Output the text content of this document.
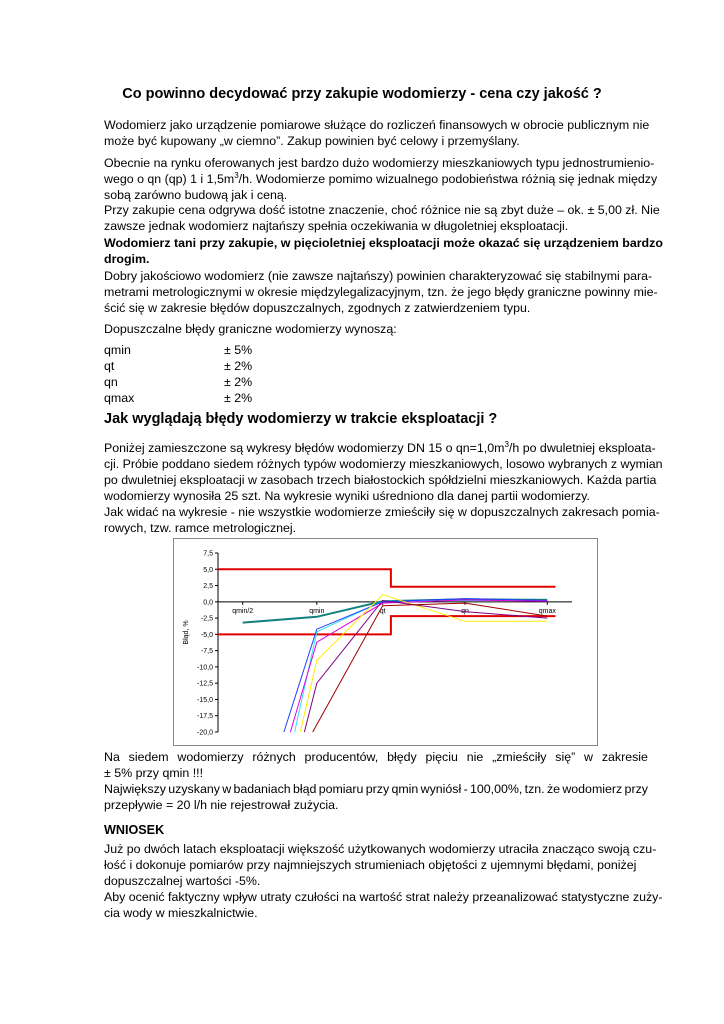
Co powinno decydować przy zakupie wodomierzy - cena czy jakość ?
Wodomierz jako urządzenie pomiarowe służące do rozliczeń finansowych w obrocie publicznym nie
może być kupowany „w ciemno”. Zakup powinien być celowy i przemyślany.
Obecnie na rynku oferowanych jest bardzo dużo wodomierzy mieszkaniowych typu jednostrumienio-
wego o qn (qp) 1 i $1,5m^3/h$. Wodomierze pomimo wizualnego podobieństwa różnią się jednak między
sobą zarówno budową jak i ceną.
Przy zakupie cena odgrywa dość istotne znaczenie, choć różnice nie są zbyt duże – ok. ± 5,00 zł. Nie
zawsze jednak wodomierz najtańszy spełnia oczekiwania w długoletniej eksploatacji.
Wodomierz tani przy zakupie, w pięcioletniej eksploatacji może okazać się urządzeniem bardzo
drogim.
Dobry jakościowo wodomierz (nie zawsze najtańszy) powinien charakteryzować się stabilnymi para-
metrami metrologicznymi w okresie międzylegalizacyjnym, tzn. że jego błędy graniczne powinny mie-
ścić się w zakresie błędów dopuszczalnych, zgodnych z zatwierdzeniem typu.
Dopuszczalne błędy graniczne wodomierzy wynoszą:
qmin	± 5%
qt	± 2%
qn	± 2%
qmax	± 2%
Jak wyglądają błędy wodomierzy w trakcie eksploatacji ?
Poniżej zamieszczone są wykresy błędów wodomierzy DN 15 o $qn=1,0m^3/h$ po dwuletniej eksploata-
cji. Próbie poddano siedem różnych typów wodomierzy mieszkaniowych, losowo wybranych z wymian
po dwuletniej eksploatacji w zasobach trzech białostockich spółdzielni mieszkaniowych. Każda partia
wodomierzy wynosiła 25 szt. Na wykresie wyniki uśredniono dla danej partii wodomierzy.
Jak widać na wykresie - nie wszystkie wodomierze zmieściły się w dopuszczalnych zakresach pomia-
rowych, tzw. ramce metrologicznej.
7,5
5,0
2,5
0,0
-2,5
-5,0
-7,5
-10,0
-12,5
-15,0
-17,5
-20,0
qmin/2	qmin	qt	qn	qmax
Błąd, %
Na siedem wodomierzy różnych producentów, błędy pięciu nie „zmieściły się” w zakresie
± 5% przy qmin !!!
Największy uzyskany w badaniach błąd pomiaru przy qmin wyniósł - 100,00%, tzn. że wodomierz przy
przepływie = 20 l/h nie rejestrował zużycia.
WNIOSEK
Już po dwóch latach eksploatacji większość użytkowanych wodomierzy utraciła znacząco swoją czu-
łość i dokonuje pomiarów przy najmniejszych strumieniach objętości z ujemnymi błędami, poniżej
dopuszczalnej wartości -5%.
Aby ocenić faktyczny wpływ utraty czułości na wartość strat należy przeanalizować statystyczne zuży-
cia wody w mieszkalnictwie.
